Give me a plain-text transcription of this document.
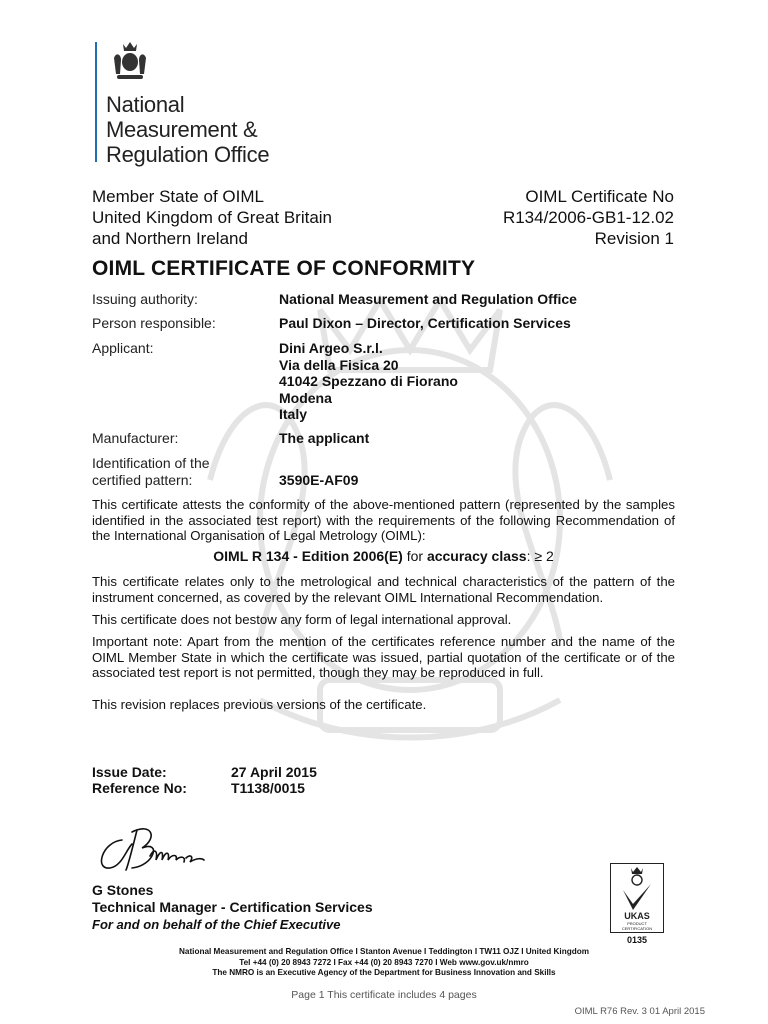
National
Measurement &
Regulation Office
Member State of OIML
United Kingdom of Great Britain
and Northern Ireland
OIML Certificate No
R134/2006-GB1-12.02
Revision 1
OIML CERTIFICATE OF CONFORMITY
Issuing authority:	National Measurement and Regulation Office
Person responsible:	Paul Dixon – Director, Certification Services
Applicant:	Dini Argeo S.r.l.
Via della Fisica 20
41042 Spezzano di Fiorano
Modena
Italy
Manufacturer:	The applicant
Identification of the
certified pattern:	3590E-AF09
This certificate attests the conformity of the above-mentioned pattern (represented by the samples identified in the associated test report) with the requirements of the following Recommendation of the International Organisation of Legal Metrology (OIML):
OIML R 134 - Edition 2006(E) for accuracy class: ≥ 2
This certificate relates only to the metrological and technical characteristics of the pattern of the instrument concerned, as covered by the relevant OIML International Recommendation.
This certificate does not bestow any form of legal international approval.
Important note: Apart from the mention of the certificates reference number and the name of the OIML Member State in which the certificate was issued, partial quotation of the certificate or of the associated test report is not permitted, though they may be reproduced in full.
This revision replaces previous versions of the certificate.
Issue Date:	27 April 2015
Reference No:	T1138/0015
G Stones
Technical Manager - Certification Services
For and on behalf of the Chief Executive
UKAS
PRODUCT
CERTIFICATION
0135
National Measurement and Regulation Office I Stanton Avenue I Teddington I TW11 OJZ I United Kingdom
Tel +44 (0) 20 8943 7272 I Fax +44 (0) 20 8943 7270 I Web www.gov.uk/nmro
The NMRO is an Executive Agency of the Department for Business Innovation and Skills
Page 1 This certificate includes 4 pages
OIML R76 Rev. 3 01 April 2015
